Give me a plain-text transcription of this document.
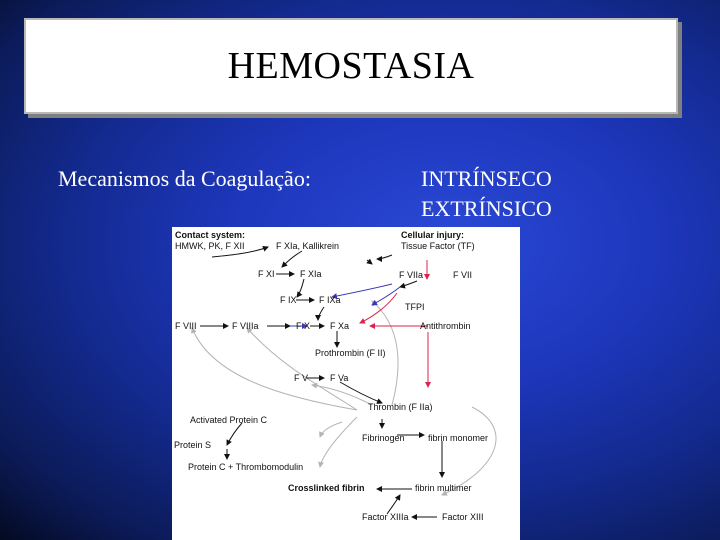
HEMOSTASIA
Mecanismos da Coagulação:	INTRÍNSECO
EXTRÍNSICO
Contact system:
HMWK, PK, F XII	F XIa, Kallikrein
F XI	F XIa
F IX F IXa
F VIII	F VIIIa	F X F Xa
Prothrombin (F II)
F V F Va
Activated Protein C
Protein S
Protein C + Thrombomodulin
Cellular injury:
Tissue Factor (TF)
F VIIa	F VII
TFPI
Antithrombin
Thrombin (F IIa)
Fibrinogen	fibrin monomer
fibrin multimer
Crosslinked fibrin
Factor XIIIa	Factor XIII
